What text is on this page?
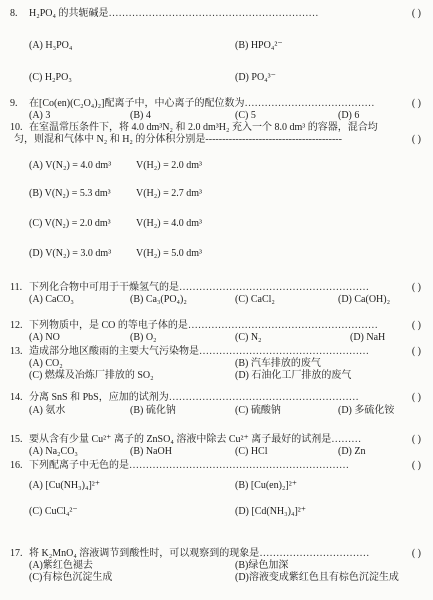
8. H₂PO₄ 的共轭碱是………………………………………………………	( )
(A) H₃PO₄	(B) HPO₄²⁻
(C) H₂PO₃	(D) PO₄³⁻
9. 在[Co(en)(C₂O₄)₂]配离子中，中心离子的配位数为…………………………………	( )
(A) 3	(B) 4	(C) 5	(D) 6
10. 在室温常压条件下，将 4.0 dm³N₂ 和 2.0 dm³H₂ 充入一个 8.0 dm³ 的容器，混合均
匀，则混和气体中 N₂ 和 H₂ 的分体积分别是-----------------------------------------	( )
(A) V(N₂) = 4.0 dm³ V(H₂) = 2.0 dm³
(B) V(N₂) = 5.3 dm³	V(H₂) = 2.7 dm³
(C) V(N₂) = 2.0 dm³	V(H₂) = 4.0 dm³
(D) V(N₂) = 3.0 dm³ V(H₂) = 5.0 dm³
11. 下列化合物中可用于干燥氢气的是…………………………………………………	( )
(A) CaCO₃	(B) Ca₃(PO₄)₂	(C) CaCl₂	(D) Ca(OH)₂
12. 下列物质中，是 CO 的等电子体的是…………………………………………………	( )
(A) NO	(B) O₂	(C) N₂	(D) NaH
13. 造成部分地区酸雨的主要大气污染物是……………………………………………	( )
(A) CO₂	(B) 汽车排放的废气
(C) 燃煤及冶炼厂排放的 SO₂	(D) 石油化工厂排放的废气
14. 分离 SnS 和 PbS，应加的试剂为…………………………………………………	( )
(A) 氨水	(B) 硫化钠	(C) 硫酸钠	(D) 多硫化铵
15. 要从含有少量 Cu²⁺ 离子的 ZnSO₄ 溶液中除去 Cu²⁺ 离子最好的试剂是………	( )
(A) Na₂CO₃	(B) NaOH	(C) HCl	(D) Zn
16. 下列配离子中无色的是…………………………………………………………	( )
(A) [Cu(NH₃)₄]²⁺	(B) [Cu(en)₂]²⁺
(C) CuCl₄²⁻	(D) [Cd(NH₃)₄]²⁺
17. 将 K₂MnO₄ 溶液调节到酸性时，可以观察到的现象是……………………………	( )
(A)紫红色褪去	(B)绿色加深
(C)有棕色沉淀生成	(D)溶液变成紫红色且有棕色沉淀生成
